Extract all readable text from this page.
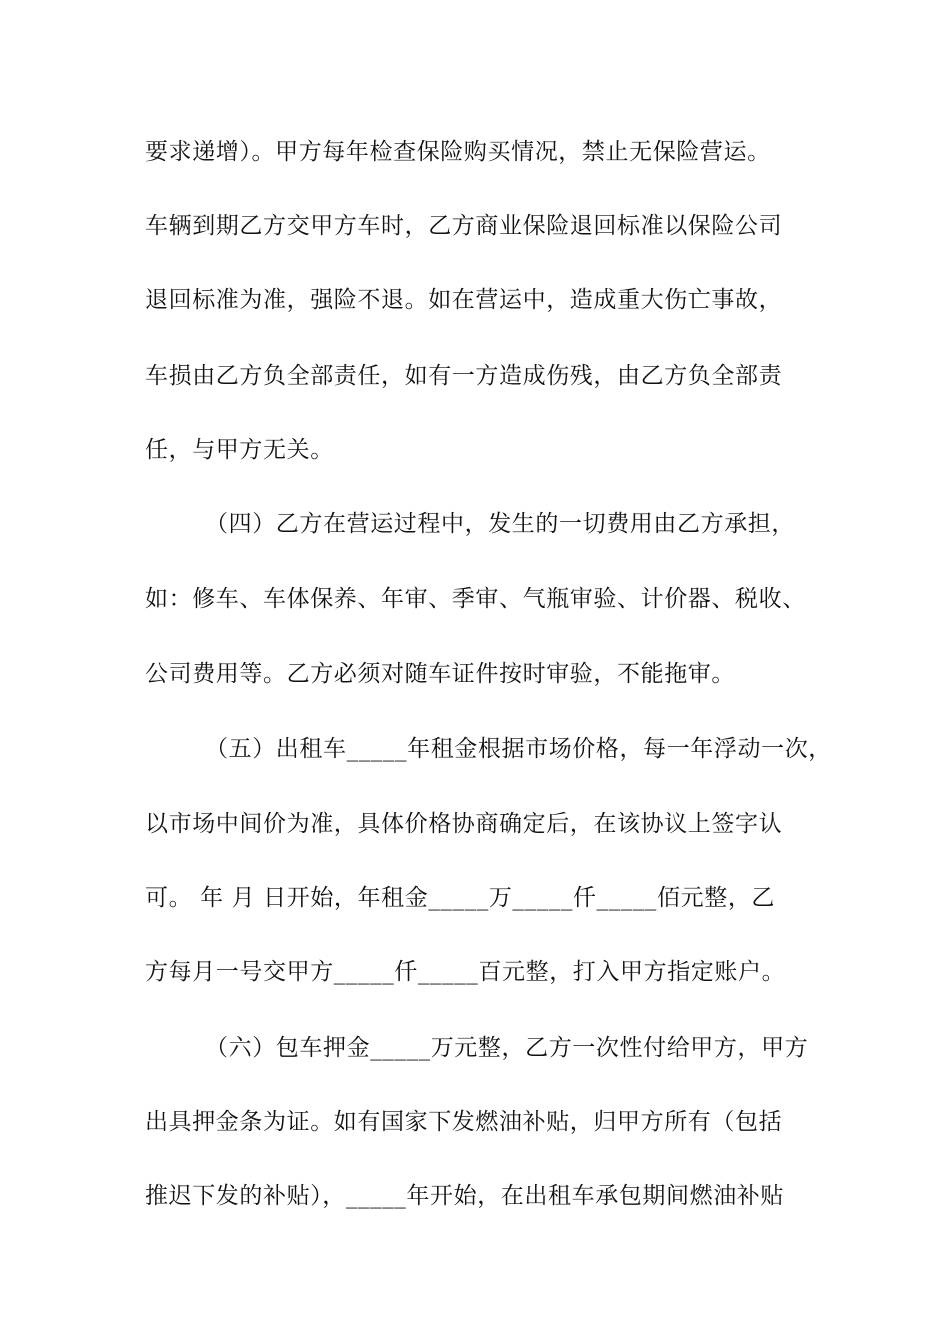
要求递增）。甲方每年检查保险购买情况，禁止无保险营运。
车辆到期乙方交甲方车时，乙方商业保险退回标准以保险公司
退回标准为准，强险不退。如在营运中，造成重大伤亡事故，
车损由乙方负全部责任，如有一方造成伤残，由乙方负全部责
任，与甲方无关。
（四）乙方在营运过程中，发生的一切费用由乙方承担，
如：修车、车体保养、年审、季审、气瓶审验、计价器、税收、
公司费用等。乙方必须对随车证件按时审验，不能拖审。
（五）出租车_____年租金根据市场价格，每一年浮动一次，
以市场中间价为准，具体价格协商确定后，在该协议上签字认
可。 年 月 日开始，年租金_____万_____仟_____佰元整，乙
方每月一号交甲方_____仟_____百元整，打入甲方指定账户。
（六）包车押金_____万元整，乙方一次性付给甲方，甲方
出具押金条为证。如有国家下发燃油补贴，归甲方所有（包括
推迟下发的补贴），_____年开始，在出租车承包期间燃油补贴
